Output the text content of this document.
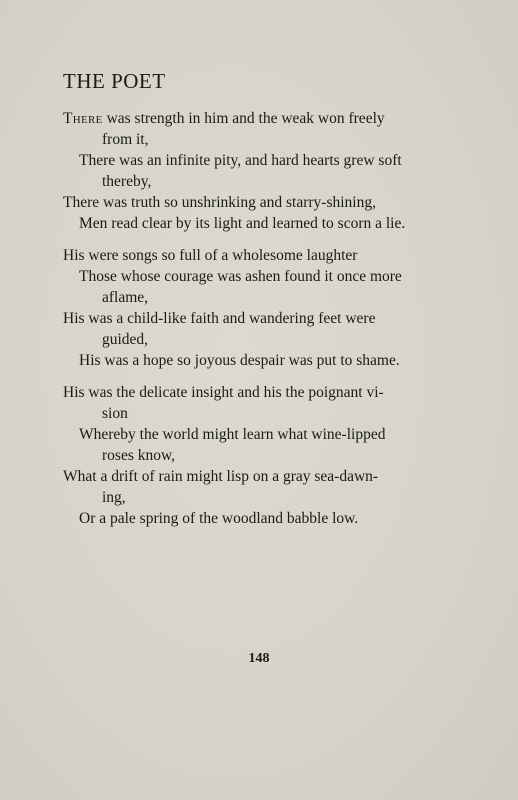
THE POET
There was strength in him and the weak won freely
from it,
There was an infinite pity, and hard hearts grew soft
thereby,
There was truth so unshrinking and starry-shining,
Men read clear by its light and learned to scorn a lie.
His were songs so full of a wholesome laughter
Those whose courage was ashen found it once more
aflame,
His was a child-like faith and wandering feet were
guided,
His was a hope so joyous despair was put to shame.
His was the delicate insight and his the poignant vi-
sion
Whereby the world might learn what wine-lipped
roses know,
What a drift of rain might lisp on a gray sea-dawn-
ing,
Or a pale spring of the woodland babble low.
148
